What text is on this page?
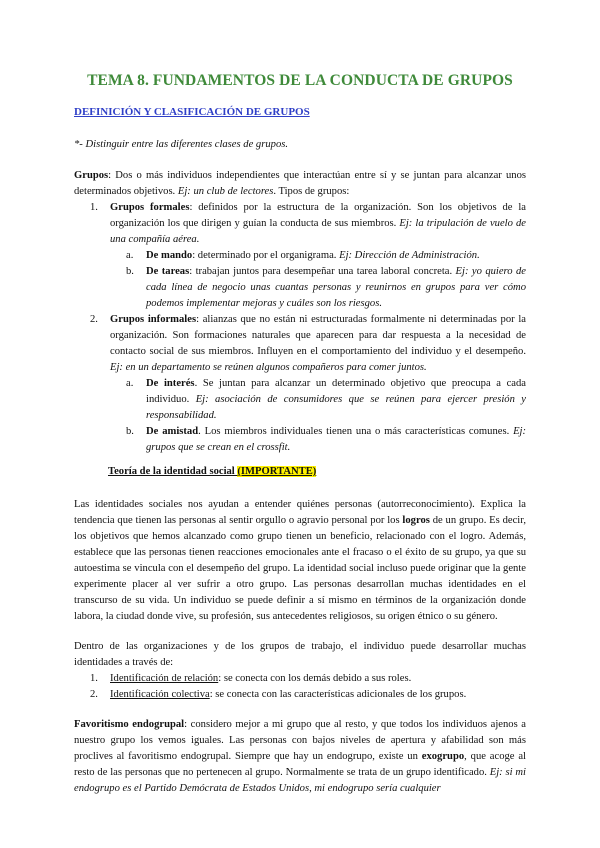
TEMA 8. FUNDAMENTOS DE LA CONDUCTA DE GRUPOS
DEFINICIÓN Y CLASIFICACIÓN DE GRUPOS

*- Distinguir entre las diferentes clases de grupos.

Grupos: Dos o más individuos independientes que interactúan entre sí y se juntan para alcanzar unos determinados objetivos. Ej: un club de lectores. Tipos de grupos:

1. Grupos formales: definidos por la estructura de la organización. Son los objetivos de la organización los que dirigen y guían la conducta de sus miembros. Ej: la tripulación de vuelo de una compañía aérea.
a. De mando: determinado por el organigrama. Ej: Dirección de Administración.
b. De tareas: trabajan juntos para desempeñar una tarea laboral concreta. Ej: yo quiero de cada línea de negocio unas cuantas personas y reunirnos en grupos para ver cómo podemos implementar mejoras y cuáles son los riesgos.
2. Grupos informales: alianzas que no están ni estructuradas formalmente ni determinadas por la organización. Son formaciones naturales que aparecen para dar respuesta a la necesidad de contacto social de sus miembros. Influyen en el comportamiento del individuo y el desempeño. Ej: en un departamento se reúnen algunos compañeros para comer juntos.
a. De interés. Se juntan para alcanzar un determinado objetivo que preocupa a cada individuo. Ej: asociación de consumidores que se reúnen para ejercer presión y responsabilidad.
b. De amistad. Los miembros individuales tienen una o más características comunes. Ej: grupos que se crean en el crossfit.
Teoría de la identidad social (IMPORTANTE)

Las identidades sociales nos ayudan a entender quiénes personas (autorreconocimiento). Explica la tendencia que tienen las personas al sentir orgullo o agravio personal por los logros de un grupo. Es decir, los objetivos que hemos alcanzado como grupo tienen un beneficio, relacionado con el logro. Además, establece que las personas tienen reacciones emocionales ante el fracaso o el éxito de su grupo, ya que su autoestima se vincula con el desempeño del grupo. La identidad social incluso puede originar que la gente experimente placer al ver sufrir a otro grupo. Las personas desarrollan muchas identidades en el transcurso de su vida. Un individuo se puede definir a sí mismo en términos de la organización donde labora, la ciudad donde vive, su profesión, sus antecedentes religiosos, su origen étnico o su género.

Dentro de las organizaciones y de los grupos de trabajo, el individuo puede desarrollar muchas identidades a través de:

1. Identificación de relación: se conecta con los demás debido a sus roles.
2. Identificación colectiva: se conecta con las características adicionales de los grupos.

Favoritismo endogrupal: considero mejor a mi grupo que al resto, y que todos los individuos ajenos a nuestro grupo los vemos iguales. Las personas con bajos niveles de apertura y afabilidad son más proclives al favoritismo endogrupal. Siempre que hay un endogrupo, existe un exogrupo, que acoge al resto de las personas que no pertenecen al grupo. Normalmente se trata de un grupo identificado. Ej: si mi endogrupo es el Partido Demócrata de Estados Unidos, mi endogrupo sería cualquier
